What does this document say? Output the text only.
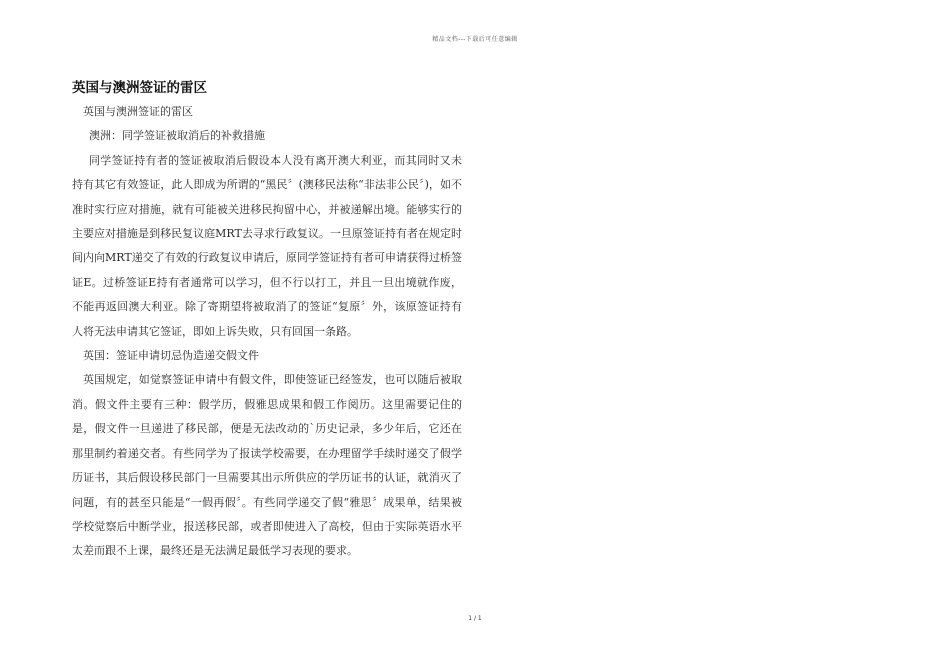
精品文档---下载后可任意编辑
英国与澳洲签证的雷区

英国与澳洲签证的雷区

澳洲：同学签证被取消后的补救措施

同学签证持有者的签证被取消后假设本人没有离开澳大利亚，而其同时又未持有其它有效签证，此人即成为所谓的“黑民〞(澳移民法称“非法非公民〞)，如不准时实行应对措施，就有可能被关进移民拘留中心，并被递解出境。能够实行的主要应对措施是到移民复议庭MRT去寻求行政复议。一旦原签证持有者在规定时间内向MRT递交了有效的行政复议申请后，原同学签证持有者可申请获得过桥签证E。过桥签证E持有者通常可以学习，但不行以打工，并且一旦出境就作废，不能再返回澳大利亚。除了寄期望将被取消了的签证“复原〞外，该原签证持有人将无法申请其它签证，即如上诉失败，只有回国一条路。

英国：签证申请切忌伪造递交假文件

英国规定，如觉察签证申请中有假文件，即使签证已经签发，也可以随后被取消。假文件主要有三种：假学历，假雅思成果和假工作阅历。这里需要记住的是，假文件一旦递进了移民部，便是无法改动的`历史记录，多少年后，它还在那里制约着递交者。有些同学为了报读学校需要，在办理留学手续时递交了假学历证书，其后假设移民部门一旦需要其出示所供应的学历证书的认证，就消灭了问题，有的甚至只能是“一假再假〞。有些同学递交了假“雅思〞成果单，结果被学校觉察后中断学业，报送移民部，或者即使进入了高校，但由于实际英语水平太差而跟不上课，最终还是无法满足最低学习表现的要求。

1 / 1
